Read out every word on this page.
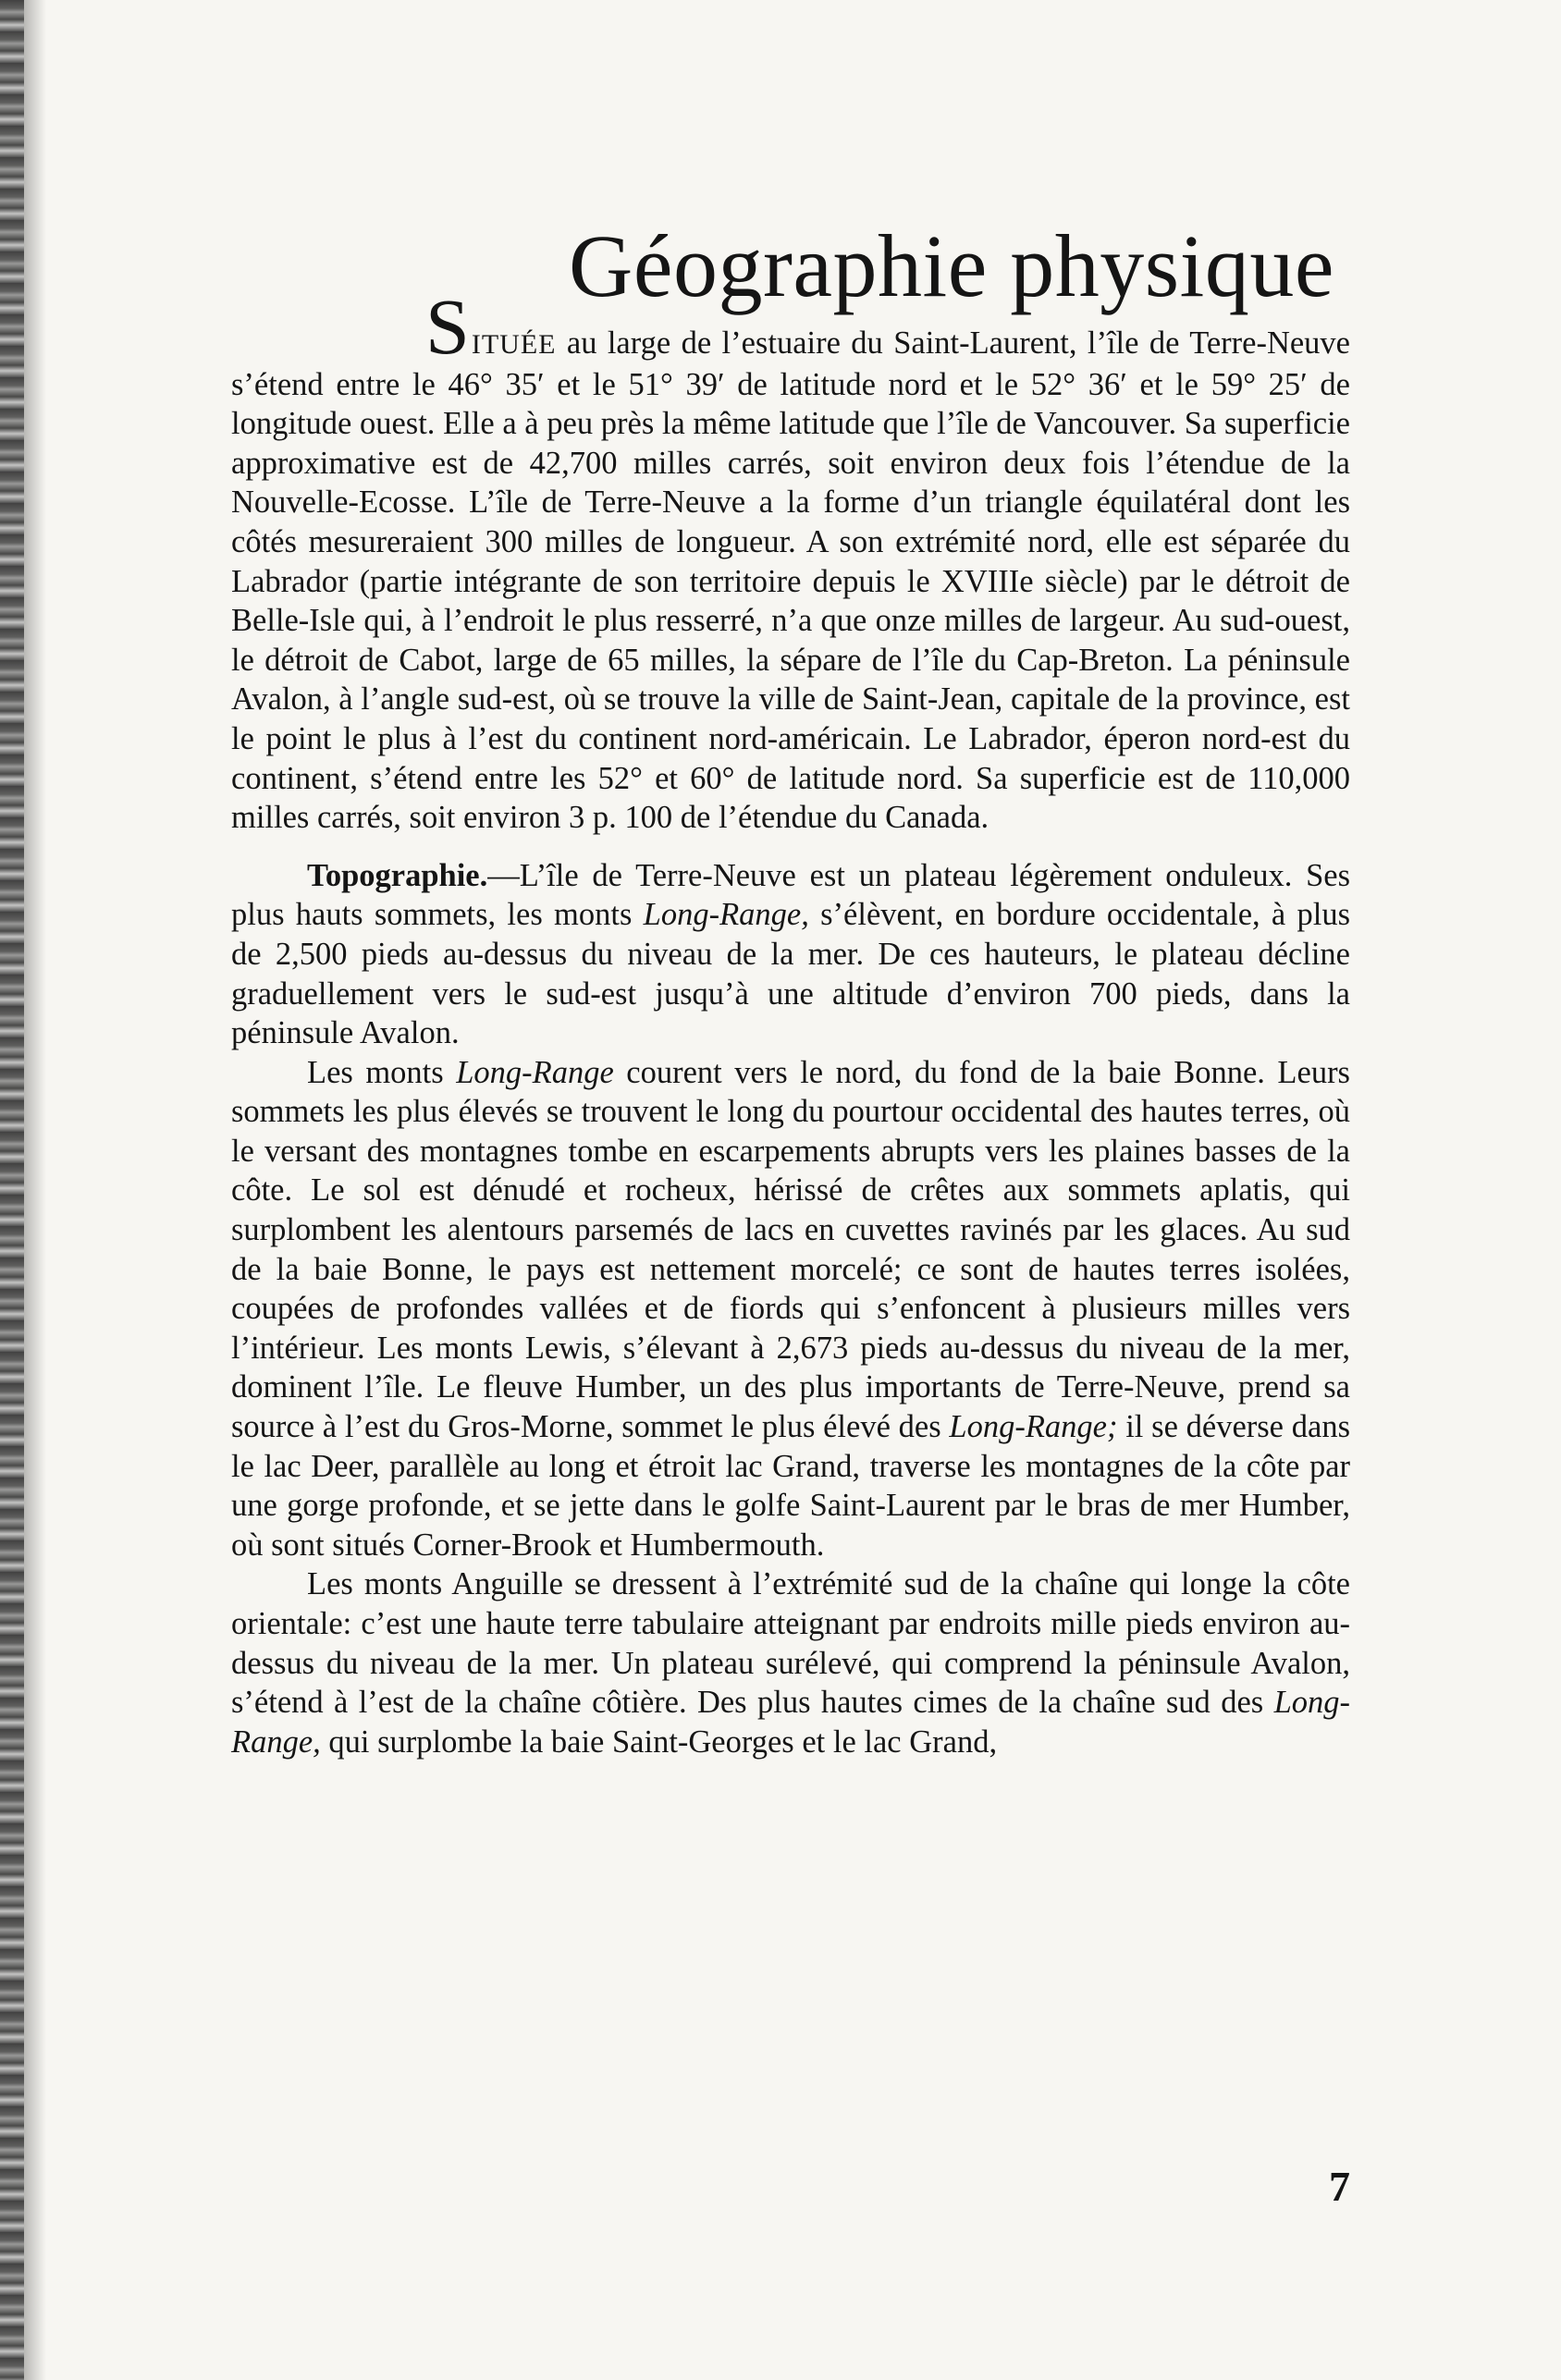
Géographie physique

SITUÉE au large de l’estuaire du Saint-Laurent, l’île de Terre-Neuve s’étend entre le 46° 35′ et le 51° 39′ de latitude nord et le 52° 36′ et le 59° 25′ de longitude ouest. Elle a à peu près la même latitude que l’île de Vancouver. Sa superficie approximative est de 42,700 milles carrés, soit environ deux fois l’étendue de la Nouvelle-Ecosse. L’île de Terre-Neuve a la forme d’un triangle équilatéral dont les côtés mesureraient 300 milles de longueur. A son extrémité nord, elle est séparée du Labrador (partie intégrante de son territoire depuis le XVIIIe siècle) par le détroit de Belle-Isle qui, à l’endroit le plus resserré, n’a que onze milles de largeur. Au sud-ouest, le détroit de Cabot, large de 65 milles, la sépare de l’île du Cap-Breton. La péninsule Avalon, à l’angle sud-est, où se trouve la ville de Saint-Jean, capitale de la province, est le point le plus à l’est du continent nord-américain. Le Labrador, éperon nord-est du continent, s’étend entre les 52° et 60° de latitude nord. Sa superficie est de 110,000 milles carrés, soit environ 3 p. 100 de l’étendue du Canada.

Topographie.—L’île de Terre-Neuve est un plateau légèrement onduleux. Ses plus hauts sommets, les monts Long-Range, s’élèvent, en bordure occidentale, à plus de 2,500 pieds au-dessus du niveau de la mer. De ces hauteurs, le plateau décline graduellement vers le sud-est jusqu’à une altitude d’environ 700 pieds, dans la péninsule Avalon.

Les monts Long-Range courent vers le nord, du fond de la baie Bonne. Leurs sommets les plus élevés se trouvent le long du pourtour occidental des hautes terres, où le versant des montagnes tombe en escarpements abrupts vers les plaines basses de la côte. Le sol est dénudé et rocheux, hérissé de crêtes aux sommets aplatis, qui surplombent les alentours parsemés de lacs en cuvettes ravinés par les glaces. Au sud de la baie Bonne, le pays est nettement morcelé; ce sont de hautes terres isolées, coupées de profondes vallées et de fiords qui s’enfoncent à plusieurs milles vers l’intérieur. Les monts Lewis, s’élevant à 2,673 pieds au-dessus du niveau de la mer, dominent l’île. Le fleuve Humber, un des plus importants de Terre-Neuve, prend sa source à l’est du Gros-Morne, sommet le plus élevé des Long-Range; il se déverse dans le lac Deer, parallèle au long et étroit lac Grand, traverse les montagnes de la côte par une gorge profonde, et se jette dans le golfe Saint-Laurent par le bras de mer Humber, où sont situés Corner-Brook et Humbermouth.

Les monts Anguille se dressent à l’extrémité sud de la chaîne qui longe la côte orientale: c’est une haute terre tabulaire atteignant par endroits mille pieds environ au-dessus du niveau de la mer. Un plateau surélevé, qui comprend la péninsule Avalon, s’étend à l’est de la chaîne côtière. Des plus hautes cimes de la chaîne sud des Long-Range, qui surplombe la baie Saint-Georges et le lac Grand,

7
